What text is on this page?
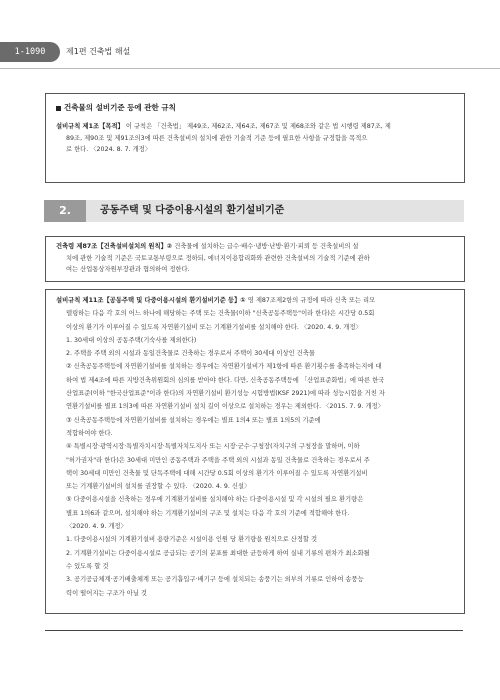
1-1090	제1편 건축법 해설
건축물의 설비기준 등에 관한 규칙
설비규칙 제1조【목적】 이 규칙은 「건축법」 제49조, 제62조, 제64조, 제67조 및 제68조와 같은 법 시행령 제87조, 제
89조, 제90조 및 제91조의3에 따른 건축설비의 설치에 관한 기술적 기준 등에 필요한 사항을 규정함을 목적으
로 한다. 〈2024. 8. 7. 개정〉
2.	공동주택 및 다중이용시설의 환기설비기준
건축령 제87조【건축설비설치의 원칙】② 건축물에 설치하는 급수·배수·냉방·난방·환기·피뢰 등 건축설비의 설
치에 관한 기술적 기준은 국토교통부령으로 정하되, 에너지이용합리화와 관련한 건축설비의 기술적 기준에 관하
여는 산업통상자원부장관과 협의하여 정한다.
설비규칙 제11조【공동주택 및 다중이용시설의 환기설비기준 등】① 영 제87조제2항의 규정에 따라 신축 또는 리모
델링하는 다음 각 호의 어느 하나에 해당하는 주택 또는 건축물(이하 "신축공동주택등"이라 한다)은 시간당 0.5회
이상의 환기가 이루어질 수 있도록 자연환기설비 또는 기계환기설비를 설치해야 한다. 〈2020. 4. 9. 개정〉
1. 30세대 이상의 공동주택(기숙사를 제외한다)
2. 주택을 주택 외의 시설과 동일건축물로 건축하는 경우로서 주택이 30세대 이상인 건축물
② 신축공동주택등에 자연환기설비를 설치하는 경우에는 자연환기설비가 제1항에 따른 환기횟수를 충족하는지에 대
하여 법 제4조에 따른 지방건축위원회의 심의를 받아야 한다. 다만, 신축공동주택등에 「산업표준화법」에 따른 한국
산업표준(이하 "한국산업표준"이라 한다)의 자연환기설비 환기성능 시험방법(KSF 2921)에 따라 성능시험을 거친 자
연환기설비를 별표 1의3에 따른 자연환기설비 설치 길이 이상으로 설치하는 경우는 제외한다. 〈2015. 7. 9. 개정〉
③ 신축공동주택등에 자연환기설비를 설치하는 경우에는 별표 1의4 또는 별표 1의5의 기준에
적합하여야 한다.
④ 특별시장·광역시장·특별자치시장·특별자치도지사 또는 시장·군수·구청장(자치구의 구청장을 말하며, 이하
"허가권자"라 한다)은 30세대 미만인 공동주택과 주택을 주택 외의 시설과 동일 건축물로 건축하는 경우로서 주
택이 30세대 미만인 건축물 및 단독주택에 대해 시간당 0.5회 이상의 환기가 이루어질 수 있도록 자연환기설비
또는 기계환기설비의 설치를 권장할 수 있다. 〈2020. 4. 9. 신설〉
⑤ 다중이용시설을 신축하는 경우에 기계환기설비를 설치해야 하는 다중이용시설 및 각 시설의 필요 환기량은
별표 1의6과 같으며, 설치해야 하는 기계환기설비의 구조 및 설치는 다음 각 호의 기준에 적합해야 한다.
〈2020. 4. 9. 개정〉
1. 다중이용시설의 기계환기설비 용량기준은 시설이용 인원 당 환기량을 원칙으로 산정할 것
2. 기계환기설비는 다중이용시설로 공급되는 공기의 분포를 최대한 균등하게 하여 실내 기류의 편차가 최소화될
수 있도록 할 것
3. 공기공급체계·공기배출체계 또는 공기흡입구·배기구 등에 설치되는 송풍기는 외부의 기류로 인하여 송풍능
력이 떨어지는 구조가 아닐 것
